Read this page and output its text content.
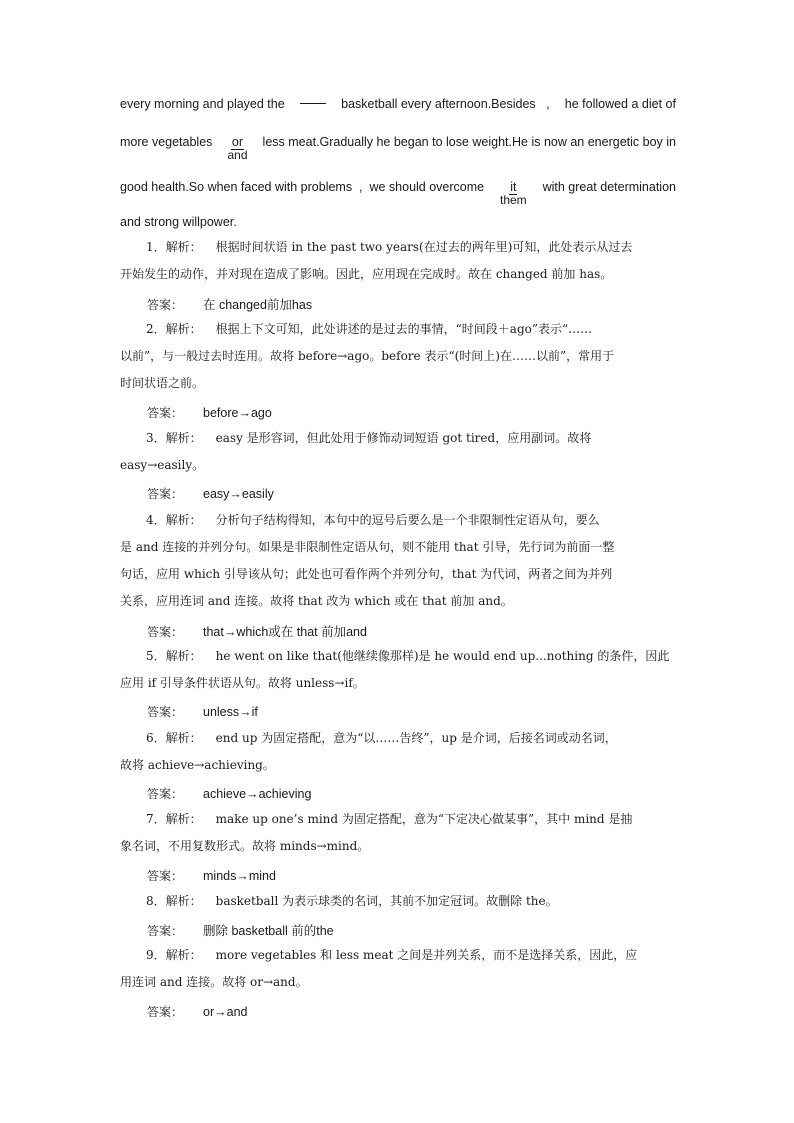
every morning and played the	basketball every afternoon.Besides   , he followed a diet of
more vegetables or
and
less meat.Gradually he began to lose weight.He is now an energetic boy in
good health.So when faced with problems  ,  we should overcome it
them
with great determination
and strong willpower.
1．解析： 根据时间状语 in the past two years(在过去的两年里)可知，此处表示从过去
开始发生的动作，并对现在造成了影响。因此，应用现在完成时。故在 changed 前加 has。
答案： 在 changed前加has
2．解析： 根据上下文可知，此处讲述的是过去的事情，“时间段＋ago”表示“……
以前”，与一般过去时连用。故将 before→ago。before 表示“(时间上)在……以前”，常用于
时间状语之前。
答案： before→ago
3．解析： easy 是形容词，但此处用于修饰动词短语 got tired，应用副词。故将
easy→easily。
答案： easy→easily
4．解析： 分析句子结构得知，本句中的逗号后要么是一个非限制性定语从句，要么
是 and 连接的并列分句。如果是非限制性定语从句，则不能用 that 引导，先行词为前面一整
句话，应用 which 引导该从句；此处也可看作两个并列分句，that 为代词，两者之间为并列
关系，应用连词 and 连接。故将 that 改为 which 或在 that 前加 and。
答案： that→which或在 that 前加and
5．解析： he went on like that(他继续像那样)是 he would end up...nothing 的条件，因此
应用 if 引导条件状语从句。故将 unless→if。
答案： unless→if
6．解析： end up 为固定搭配，意为“以……告终”，up 是介词，后接名词或动名词，
故将 achieve→achieving。
答案： achieve→achieving
7．解析： make up one’s mind 为固定搭配，意为“下定决心做某事”，其中 mind 是抽
象名词，不用复数形式。故将 minds→mind。
答案： minds→mind
8．解析： basketball 为表示球类的名词，其前不加定冠词。故删除 the。
答案： 删除 basketball 前的the
9．解析： more vegetables 和 less meat 之间是并列关系，而不是选择关系，因此，应
用连词 and 连接。故将 or→and。
答案： or→and
